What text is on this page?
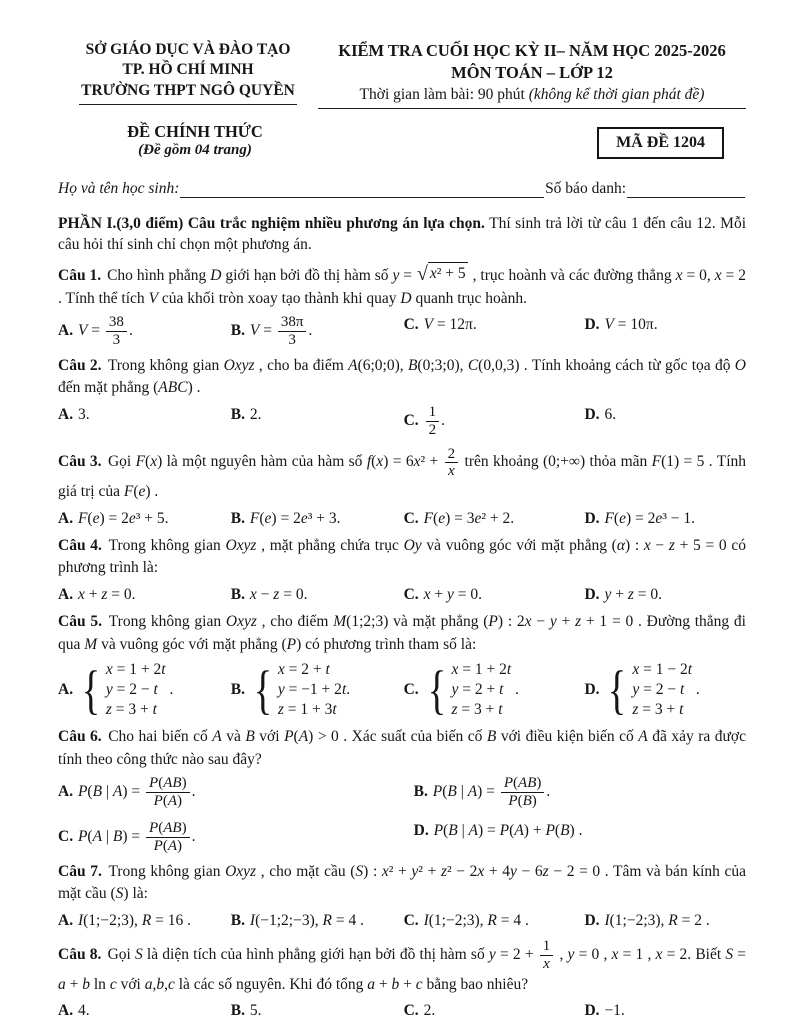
SỞ GIÁO DỤC VÀ ĐÀO TẠO
TP. HỒ CHÍ MINH
TRƯỜNG THPT NGÔ QUYỀN
KIỂM TRA CUỐI HỌC KỲ II– NĂM HỌC 2025-2026
MÔN TOÁN – LỚP 12
Thời gian làm bài: 90 phút (không kể thời gian phát đề)
ĐỀ CHÍNH THỨC
(Đề gồm 04 trang)	MÃ ĐỀ 1204
Họ và tên học sinh:	Số báo danh:

PHẦN I.(3,0 điểm) Câu trắc nghiệm nhiều phương án lựa chọn. Thí sinh trả lời từ câu 1 đến câu 12. Mỗi câu hỏi thí sinh chỉ chọn một phương án.

Câu 1. Cho hình phẳng D giới hạn bởi đồ thị hàm số y = √ x² + 5 , trục hoành và các đường thẳng x = 0, x = 2 . Tính thể tích V của khối tròn xoay tạo thành khi quay D quanh trục hoành.

A. $V = \frac{38}{3}$ .	B. $V = \frac{38\pi}{3}$ .	C. V = 12π.	D. V = 10π.

Câu 2. Trong không gian Oxyz , cho ba điểm A(6;0;0), B(0;3;0), C(0,0,3) . Tính khoảng cách từ gốc tọa độ O đến mặt phẳng (ABC) .

A. 3.	B. 2.	C. $\frac{1}{2}$ .	D. 6.

Câu 3. Gọi F(x) là một nguyên hàm của hàm số $f(x) = 6x^2 + \frac{2}{x}$ trên khoảng (0;+∞) thỏa mãn F(1) = 5 . Tính giá trị của F(e) .

A. F(e) = 2e³ + 5.	B. F(e) = 2e³ + 3.	C. F(e) = 3e² + 2.	D. F(e) = 2e³ − 1.

Câu 4. Trong không gian Oxyz , mặt phẳng chứa trục Oy và vuông góc với mặt phẳng (α) : x − z + 5 = 0 có phương trình là:

A. x + z = 0.	B. x − z = 0.	C. x + y = 0.	D. y + z = 0.

Câu 5. Trong không gian Oxyz , cho điểm M(1;2;3) và mặt phẳng (P) : 2x − y + z + 1 = 0 . Đường thẳng đi qua M và vuông góc với mặt phẳng (P) có phương trình tham số là:

A. { x = 1 + 2t
y = 2 − t
z = 3 + t
.	B. { x = 2 + t
y = −1 + 2t
z = 1 + 3t
.	C. { x = 1 + 2t
y = 2 + t
z = 3 + t
.	D. { x = 1 − 2t
y = 2 − t
z = 3 + t
.

Câu 6. Cho hai biến cố A và B với P(A) > 0 . Xác suất của biến cố B với điều kiện biến cố A đã xảy ra được tính theo công thức nào sau đây?

A. P(B | $A) = \frac{P(AB)}{P(A)}$ .	B. P(B | $A) = \frac{P(AB)}{P(B)}$ .
C. P(A | $B) = \frac{P(AB)}{P(A)}$ .	D. P(B | A) = P(A) + P(B) .

Câu 7. Trong không gian Oxyz , cho mặt cầu (S) : x² + y² + z² − 2x + 4y − 6z − 2 = 0 . Tâm và bán kính của mặt cầu (S) là:

A. I(1;−2;3), R = 16 .	B. I(−1;2;−3), R = 4 .	C. I(1;−2;3), R = 4 .	D. I(1;−2;3), R = 2 .

Câu 8. Gọi S là diện tích của hình phẳng giới hạn bởi đồ thị hàm số $y = 2 + \frac{1}{x}$ , y = 0 , x = 1 , x = 2. Biết S = a + b ln c với a,b,c là các số nguyên. Khi đó tổng a + b + c bằng bao nhiêu?

A. 4.	B. 5.	C. 2.	D. −1.
